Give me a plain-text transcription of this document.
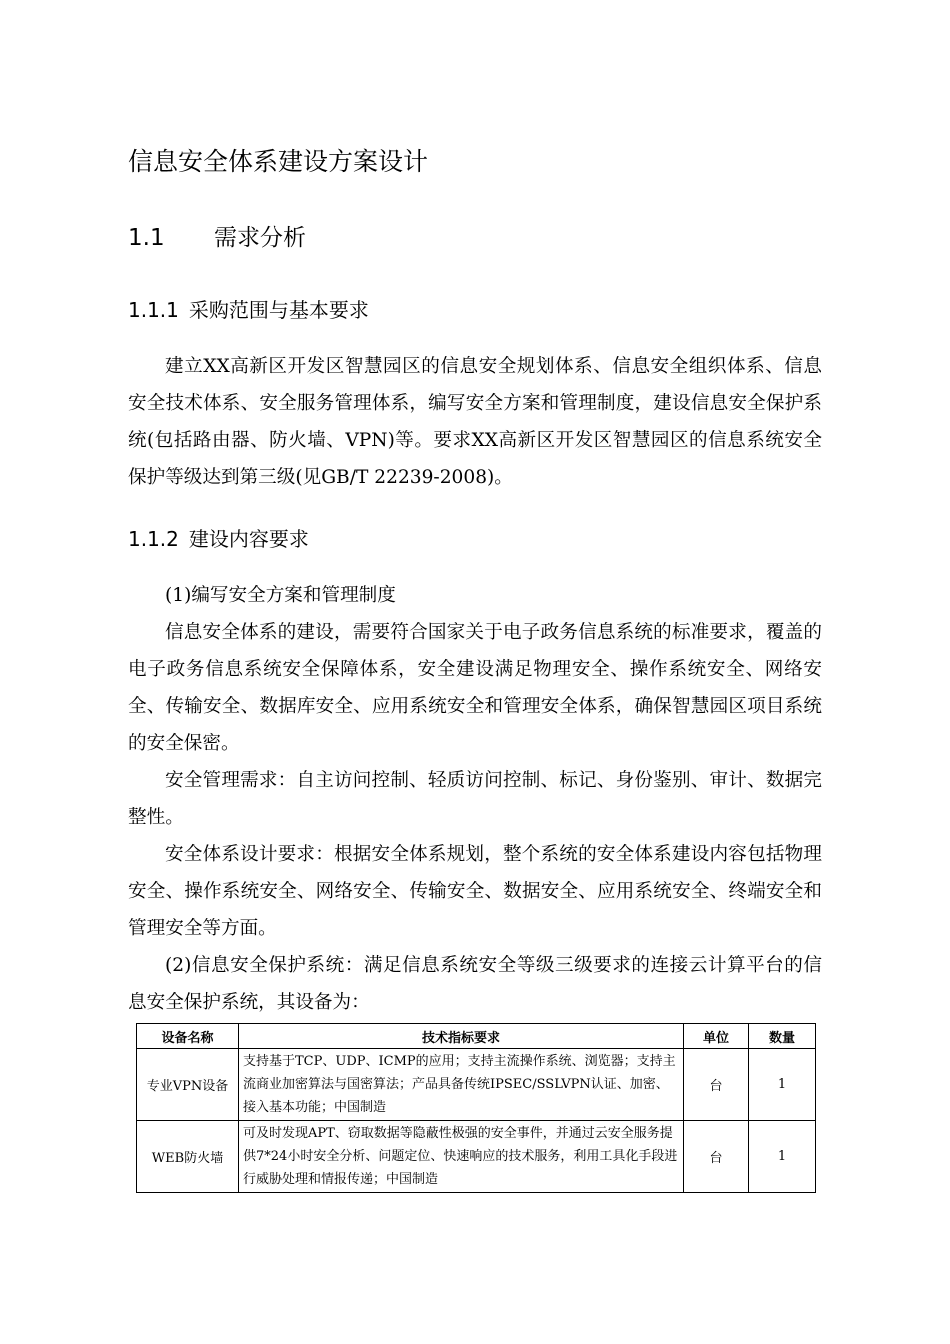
信息安全体系建设方案设计
1.1 需求分析
1.1.1 采购范围与基本要求

建立XX高新区开发区智慧园区的信息安全规划体系、信息安全组织体系、信息安全技术体系、安全服务管理体系，编写安全方案和管理制度，建设信息安全保护系统(包括路由器、防火墙、VPN)等。要求XX高新区开发区智慧园区的信息系统安全保护等级达到第三级(见GB/T 22239-2008)。

1.1.2 建设内容要求

(1)编写安全方案和管理制度

信息安全体系的建设，需要符合国家关于电子政务信息系统的标准要求，覆盖的电子政务信息系统安全保障体系，安全建设满足物理安全、操作系统安全、网络安全、传输安全、数据库安全、应用系统安全和管理安全体系，确保智慧园区项目系统的安全保密。

安全管理需求：自主访问控制、轻质访问控制、标记、身份鉴别、审计、数据完整性。

安全体系设计要求：根据安全体系规划，整个系统的安全体系建设内容包括物理安全、操作系统安全、网络安全、传输安全、数据安全、应用系统安全、终端安全和管理安全等方面。

(2)信息安全保护系统：满足信息系统安全等级三级要求的连接云计算平台的信息安全保护系统，其设备为：

设备名称	技术指标要求	单位	数量
专业VPN设备	支持基于TCP、UDP、ICMP的应用；支持主流操作系统、浏览器；支持主流商业加密算法与国密算法；产品具备传统IPSEC/SSLVPN认证、加密、接入基本功能；中国制造	台	1
WEB防火墙	可及时发现APT、窃取数据等隐蔽性极强的安全事件，并通过云安全服务提供7*24小时安全分析、问题定位、快速响应的技术服务，利用工具化手段进行威胁处理和情报传递；中国制造	台	1
